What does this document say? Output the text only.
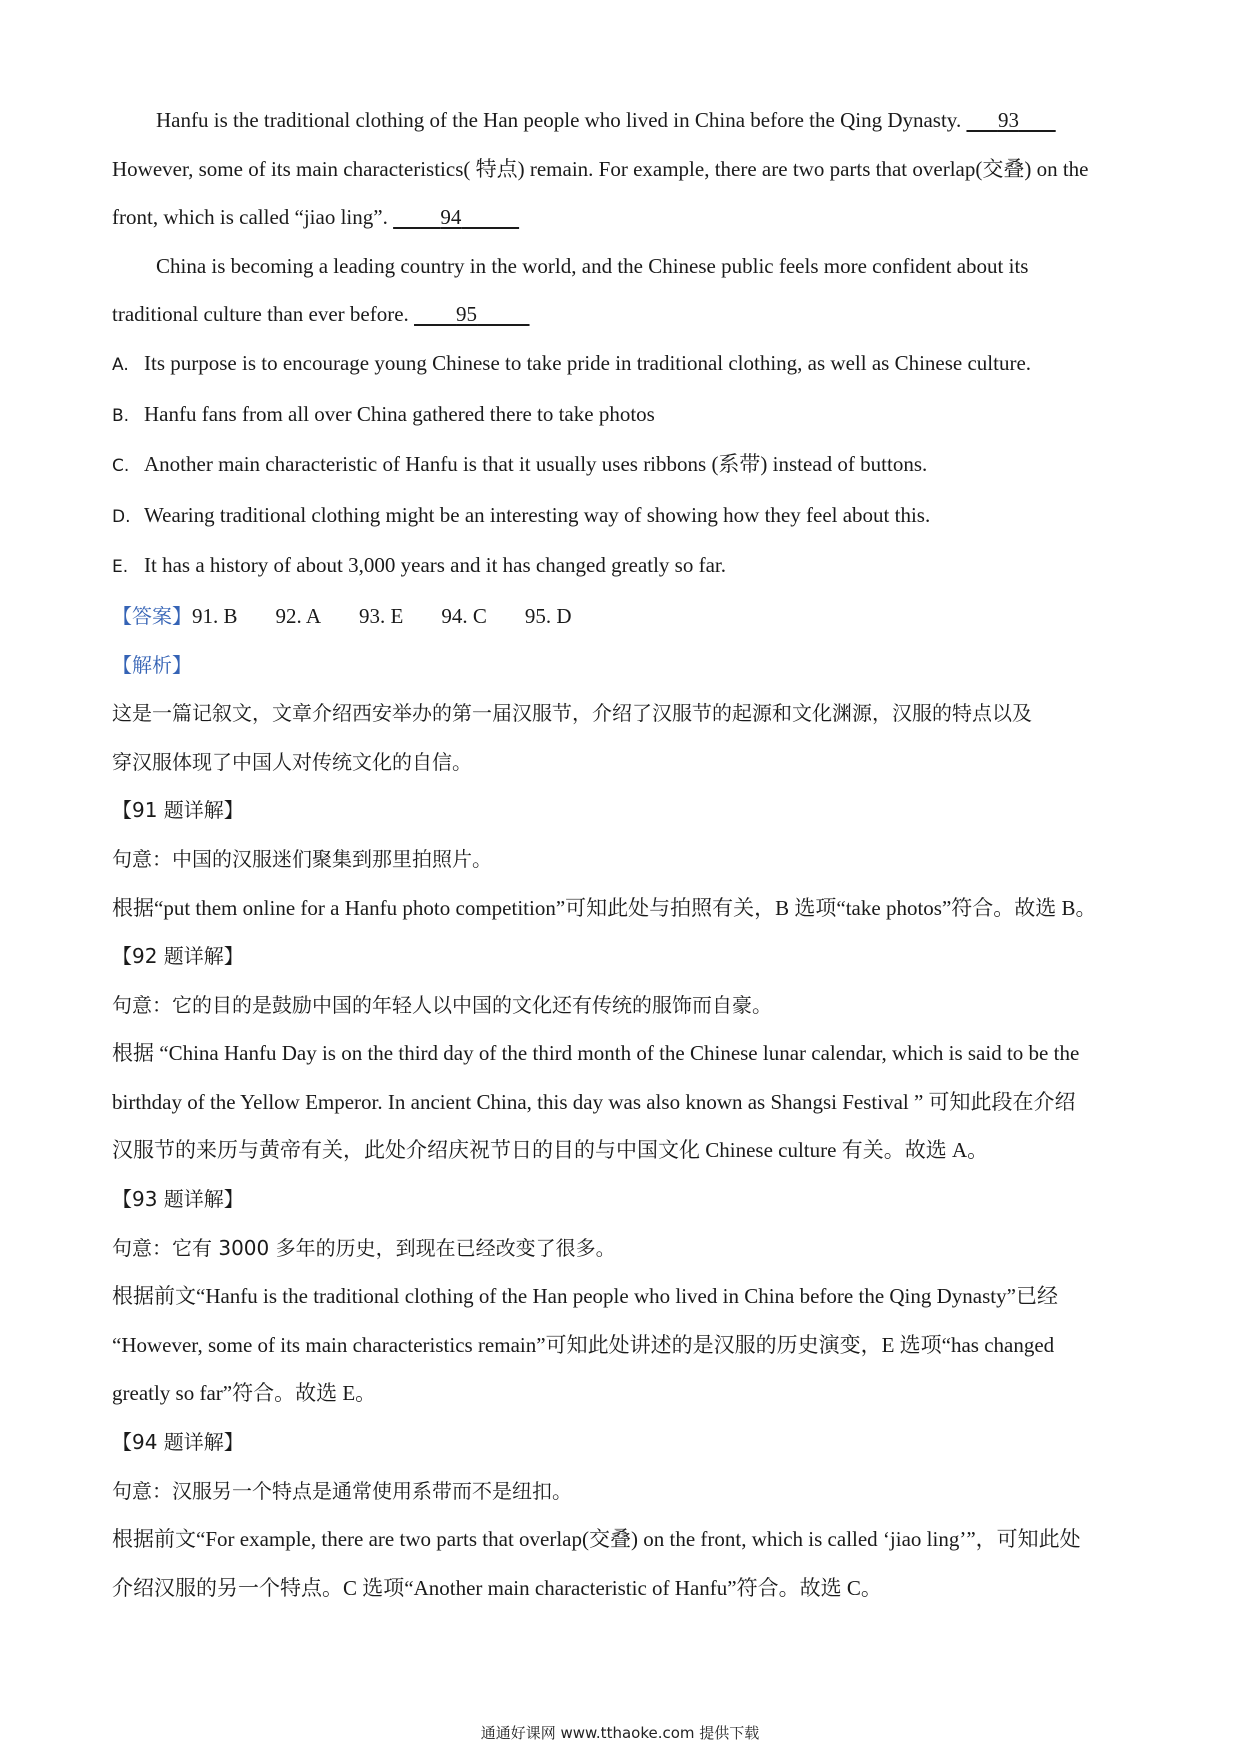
Hanfu is the traditional clothing of the Han people who lived in China before the Qing Dynasty. 93

However, some of its main characteristics( 特点) remain. For example, there are two parts that overlap(交叠) on the

front, which is called “jiao ling”.	94

China is becoming a leading country in the world, and the Chinese public feels more confident about its

traditional culture than ever before. 95

A. Its purpose is to encourage young Chinese to take pride in traditional clothing, as well as Chinese culture.

B. Hanfu fans from all over China gathered there to take photos

C. Another main characteristic of Hanfu is that it usually uses ribbons (系带) instead of buttons.

D. Wearing traditional clothing might be an interesting way of showing how they feel about this.

E. It has a history of about 3,000 years and it has changed greatly so far.

【答案】91. B 92. A 93. E 94. C 95. D

【解析】

这是一篇记叙文，文章介绍西安举办的第一届汉服节，介绍了汉服节的起源和文化渊源，汉服的特点以及

穿汉服体现了中国人对传统文化的自信。

【91 题详解】

句意：中国的汉服迷们聚集到那里拍照片。

根据“put them online for a Hanfu photo competition”可知此处与拍照有关，B 选项“take photos”符合。故选 B。

【92 题详解】

句意：它的目的是鼓励中国的年轻人以中国的文化还有传统的服饰而自豪。

根据 “China Hanfu Day is on the third day of the third month of the Chinese lunar calendar, which is said to be the

birthday of the Yellow Emperor. In ancient China, this day was also known as Shangsi Festival ” 可知此段在介绍

汉服节的来历与黄帝有关，此处介绍庆祝节日的目的与中国文化 Chinese culture 有关。故选 A。

【93 题详解】

句意：它有 3000 多年的历史，到现在已经改变了很多。

根据前文“Hanfu is the traditional clothing of the Han people who lived in China before the Qing Dynasty”已经

“However, some of its main characteristics remain”可知此处讲述的是汉服的历史演变，E 选项“has changed

greatly so far”符合。故选 E。

【94 题详解】

句意：汉服另一个特点是通常使用系带而不是纽扣。

根据前文“For example, there are two parts that overlap(交叠) on the front, which is called ‘jiao ling’”，可知此处

介绍汉服的另一个特点。C 选项“Another main characteristic of Hanfu”符合。故选 C。

通通好课网 www.tthaoke.com 提供下载
